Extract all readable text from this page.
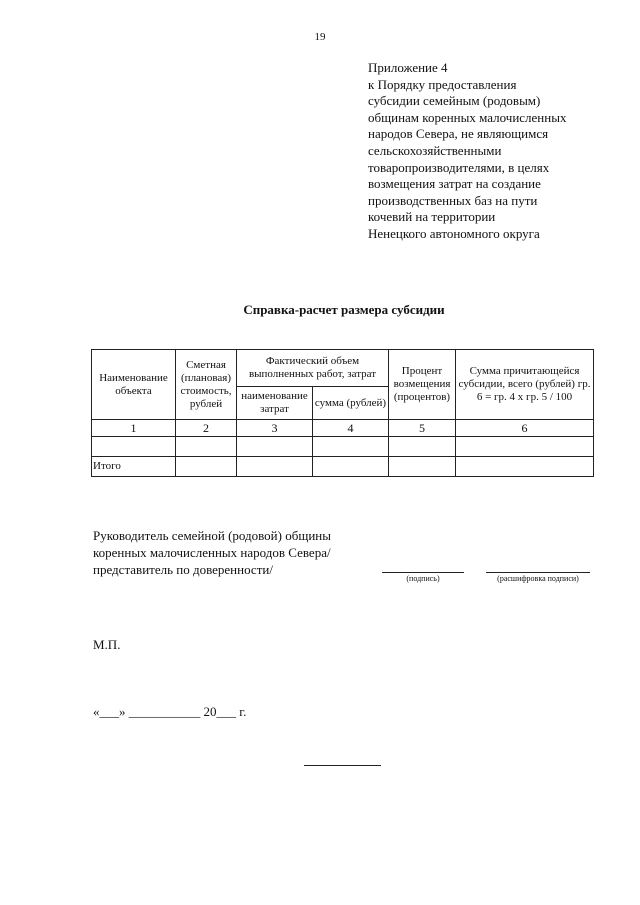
19
Приложение 4
к Порядку предоставления
субсидии семейным (родовым)
общинам коренных малочисленных
народов Севера, не являющимся
сельскохозяйственными
товаропроизводителями, в целях
возмещения затрат на создание
производственных баз на пути
кочевий на территории
Ненецкого автономного округа
Справка-расчет размера субсидии
Наименование объекта	Сметная (плановая) стоимость, рублей	Фактический объем выполненных работ, затрат		Процент возмещения (процентов)	Сумма причитающейся субсидии, всего (рублей) гр. 6 = гр. 4 х гр. 5 / 100
		наименование затрат	сумма (рублей)		
1	2	3	4	5	6

Итого					
Руководитель семейной (родовой) общины
коренных малочисленных народов Севера/
представитель по доверенности/
(подпись)	(расшифровка подписи)
М.П.
«___» ___________ 20___ г.
